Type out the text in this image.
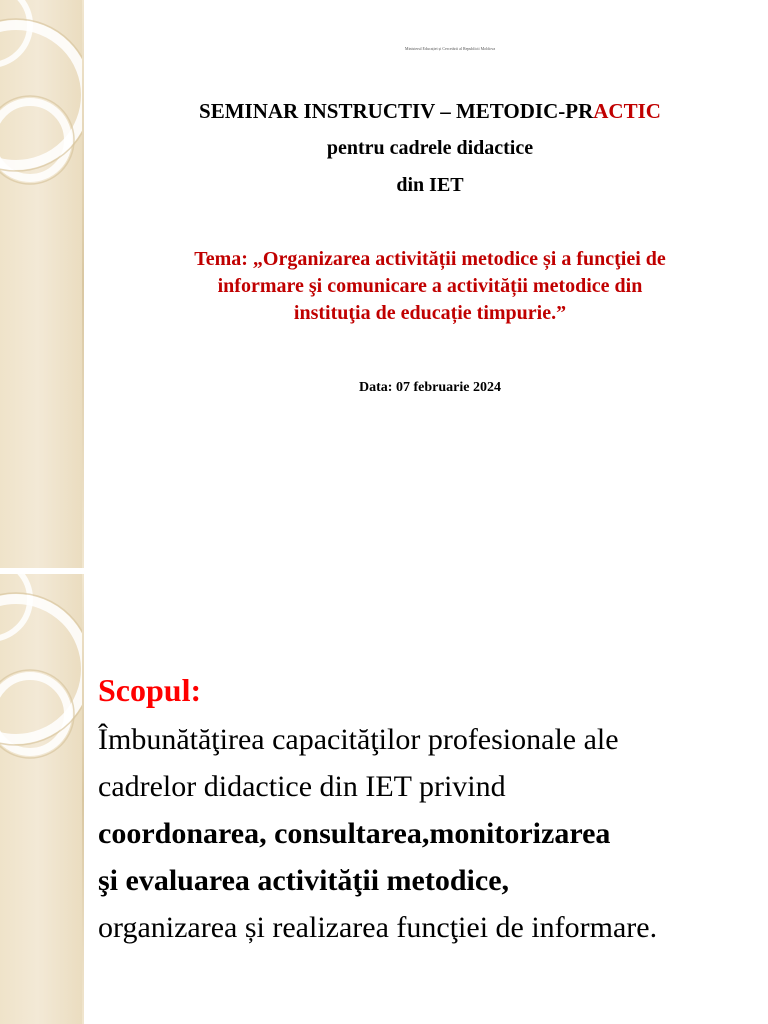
Ministerul Educației și Cercetării al Republicii Moldova
SEMINAR INSTRUCTIV – METODIC-PRACTIC
pentru cadrele didactice
din IET
Tema: „Organizarea activității metodice și a funcţiei de
informare şi comunicare a activității metodice din
instituţia de educație timpurie.”
Data: 07 februarie 2024
Scopul:
Îmbunătăţirea capacităţilor profesionale ale
cadrelor didactice din IET privind
coordonarea, consultarea,monitorizarea
şi evaluarea activităţii metodice,
organizarea și realizarea funcţiei de informare.
